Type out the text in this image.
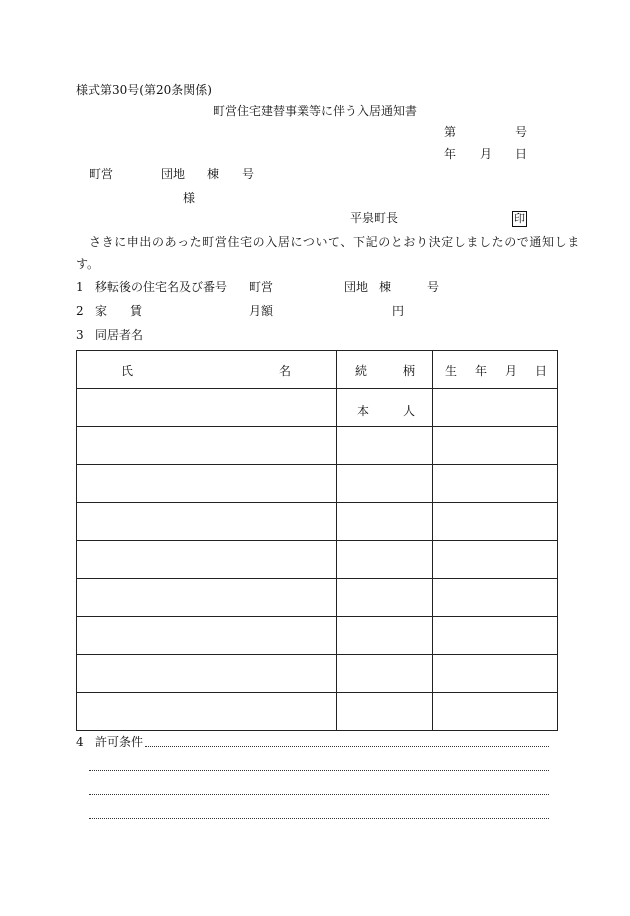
様式第30号(第20条関係)
町営住宅建替事業等に伴う入居通知書
第	号
年 月 日
町営	団地 棟 号
様
平泉町長	印
さきに申出のあった町営住宅の入居について、下記のとおり決定しましたので通知しま
す。
1 移転後の住宅名及び番号 町営	団地 棟	号
2 家 賃	月額	円
3 同居者名
氏 名	続 柄	生 年 月 日

	本 人	

4 許可条件
